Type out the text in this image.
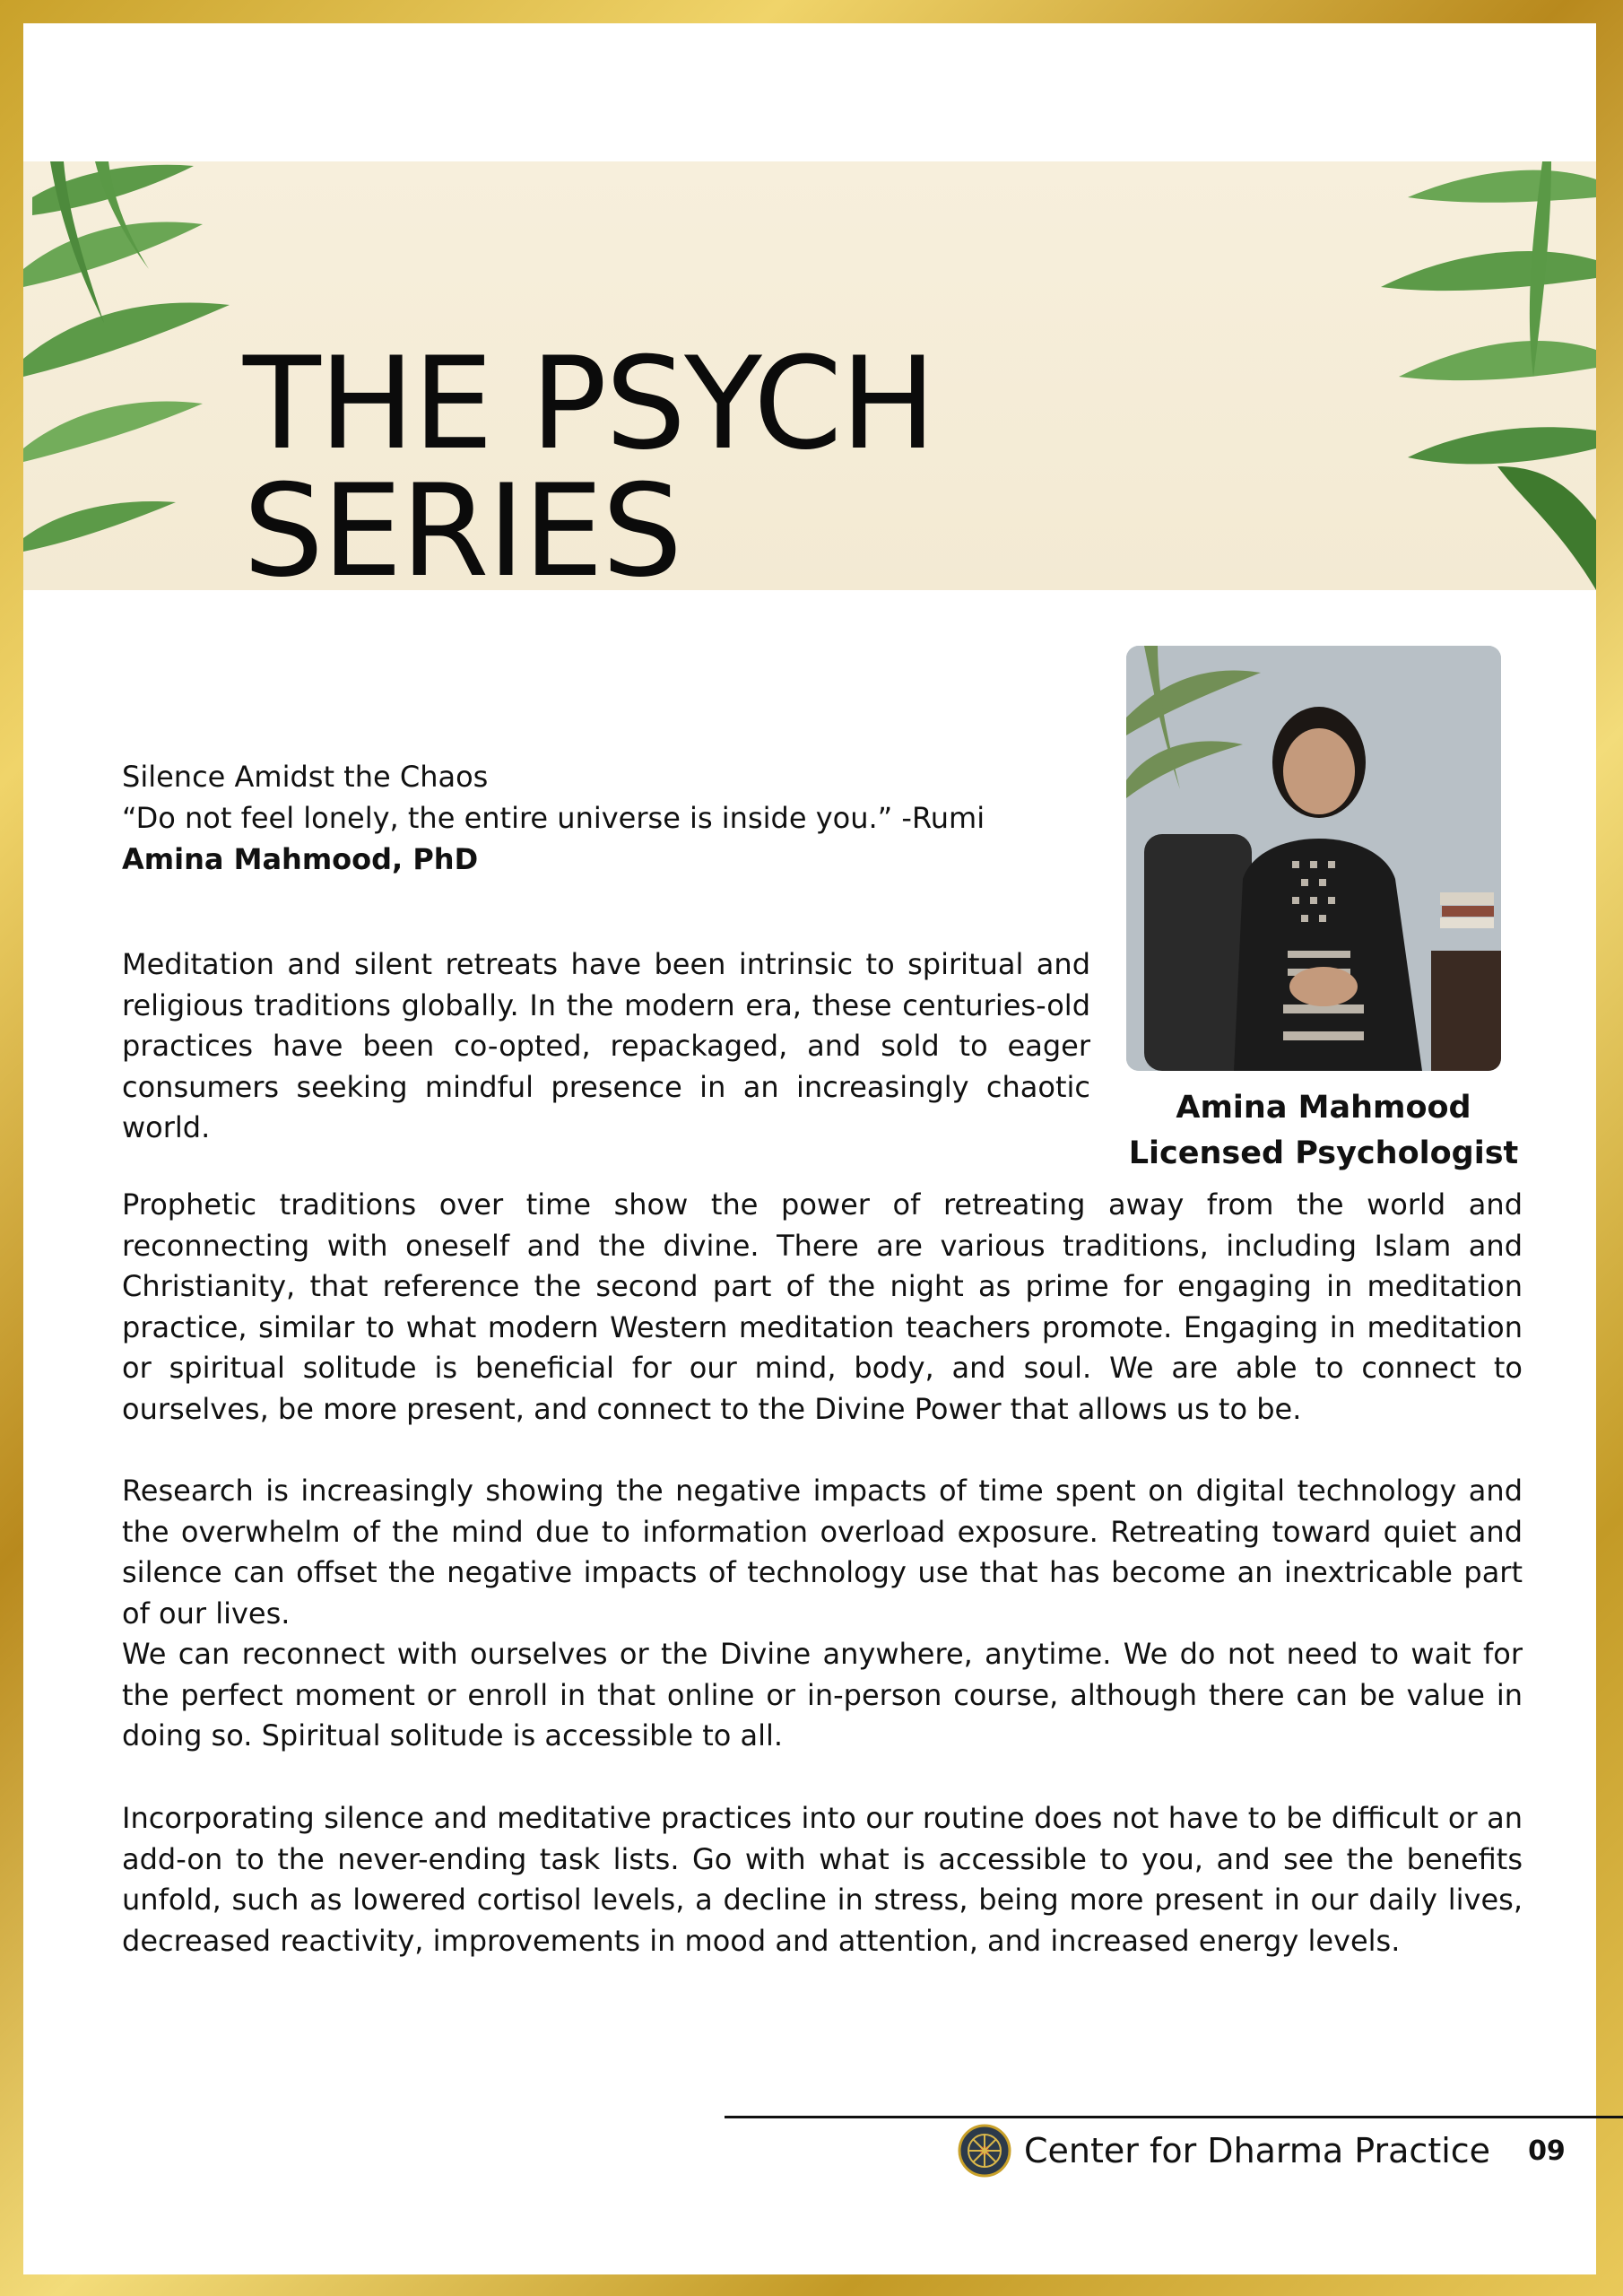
THE PSYCH SERIES
Amina Mahmood
Licensed Psychologist
Silence Amidst the Chaos
“Do not feel lonely, the entire universe is inside you.” -Rumi
Amina Mahmood, PhD

Meditation and silent retreats have been intrinsic to spiritual and religious traditions globally. In the modern era, these centuries-old practices have been co-opted, repackaged, and sold to eager consumers seeking mindful presence in an increasingly chaotic world.

Prophetic traditions over time show the power of retreating away from the world and reconnecting with oneself and the divine. There are various traditions, including Islam and Christianity, that reference the second part of the night as prime for engaging in meditation practice, similar to what modern Western meditation teachers promote. Engaging in meditation or spiritual solitude is beneficial for our mind, body, and soul. We are able to connect to ourselves, be more present, and connect to the Divine Power that allows us to be.

Research is increasingly showing the negative impacts of time spent on digital technology and the overwhelm of the mind due to information overload exposure. Retreating toward quiet and silence can offset the negative impacts of technology use that has become an inextricable part of our lives.

We can reconnect with ourselves or the Divine anywhere, anytime. We do not need to wait for the perfect moment or enroll in that online or in-person course, although there can be value in doing so. Spiritual solitude is accessible to all.

Incorporating silence and meditative practices into our routine does not have to be difficult or an add-on to the never-ending task lists. Go with what is accessible to you, and see the benefits unfold, such as lowered cortisol levels, a decline in stress, being more present in our daily lives, decreased reactivity, improvements in mood and attention, and increased energy levels.

Center for Dharma Practice 09
